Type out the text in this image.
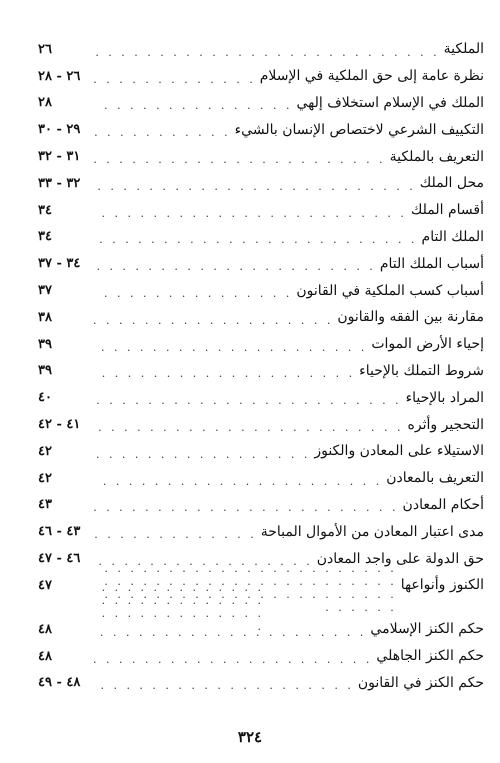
الملكية
. . .
٢٦
نظرة عامة إلى حق الملكية في الإسلام
. . .
٢٦ - ٢٨
الملك في الإسلام استخلاف إلهي
. . .
٢٨
التكييف الشرعي لاختصاص الإنسان بالشيء
. . .
٢٩ - ٣٠
التعريف بالملكية
. . .
٣١ - ٣٢
محل الملك
. . .
٣٢ - ٣٣
أقسام الملك
. . .
٣٤
الملك التام
. . .
٣٤
أسباب الملك التام
. . .
٣٤ - ٣٧
أسباب كسب الملكية في القانون
. . .
٣٧
مقارنة بين الفقه والقانون
. . .
٣٨
إحياء الأرض الموات
. . .
٣٩
شروط التملك بالإحياء
. . .
٣٩
المراد بالإحياء
. . .
٤٠
التحجير وأثره
. . .
٤١ - ٤٢
الاستيلاء على المعادن والكنوز
. . .
٤٢
التعريف بالمعادن
. . .
٤٢
أحكام المعادن
. . .
٤٣
مدى اعتبار المعادن من الأموال المباحة
. . .
٤٣ - ٤٦
حق الدولة على واجد المعادن
. . .
٤٦ - ٤٧
الكنوز وأنواعها
. . .
٤٧
. . .
حكم الكنز الإسلامي
. . .
٤٨
حكم الكنز الجاهلي
. . .
٤٨
حكم الكنز في القانون
. . .
٤٨ - ٤٩
٣٢٤
